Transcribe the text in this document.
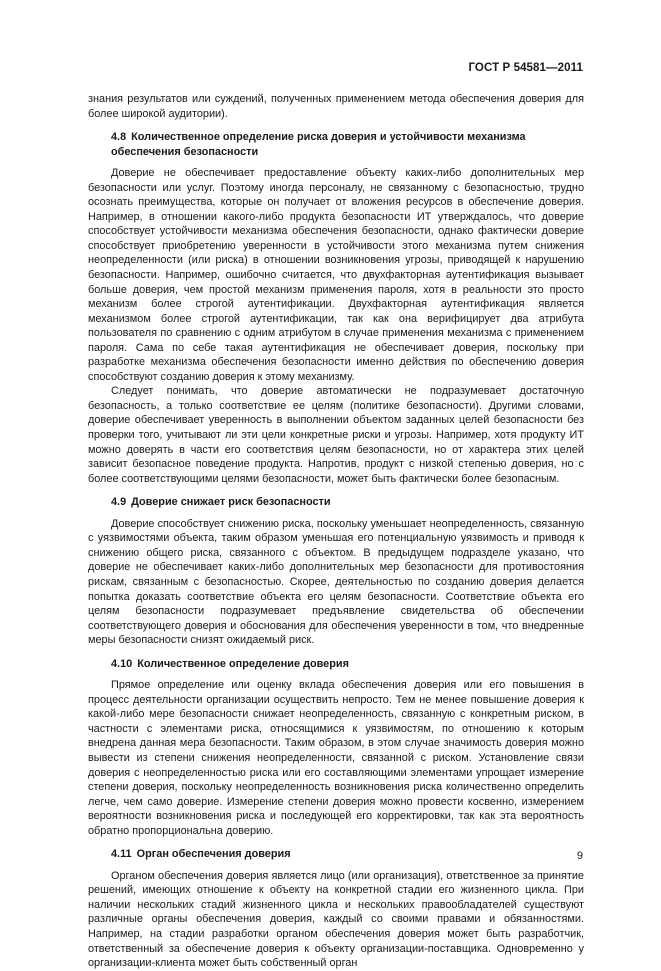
ГОСТ Р 54581—2011

знания результатов или суждений, полученных применением метода обеспечения доверия для более широкой аудитории).

4.8 Количественное определение риска доверия и устойчивости механизма обеспечения безопасности

Доверие не обеспечивает предоставление объекту каких-либо дополнительных мер безопасности или услуг. Поэтому иногда персоналу, не связанному с безопасностью, трудно осознать преимущества, которые он получает от вложения ресурсов в обеспечение доверия. Например, в отношении какого-либо продукта безопасности ИТ утверждалось, что доверие способствует устойчивости механизма обеспечения безопасности, однако фактически доверие способствует приобретению уверенности в устойчивости этого механизма путем снижения неопределенности (или риска) в отношении возникновения угрозы, приводящей к нарушению безопасности. Например, ошибочно считается, что двухфакторная аутентификация вызывает больше доверия, чем простой механизм применения пароля, хотя в реальности это просто механизм более строгой аутентификации. Двухфакторная аутентификация является механизмом более строгой аутентификации, так как она верифицирует два атрибута пользователя по сравнению с одним атрибутом в случае применения механизма с применением пароля. Сама по себе такая аутентификация не обеспечивает доверия, поскольку при разработке механизма обеспечения безопасности именно действия по обеспечению доверия способствуют созданию доверия к этому механизму.

Следует понимать, что доверие автоматически не подразумевает достаточную безопасность, а только соответствие ее целям (политике безопасности). Другими словами, доверие обеспечивает уверенность в выполнении объектом заданных целей безопасности без проверки того, учитывают ли эти цели конкретные риски и угрозы. Например, хотя продукту ИТ можно доверять в части его соответствия целям безопасности, но от характера этих целей зависит безопасное поведение продукта. Напротив, продукт с низкой степенью доверия, но с более соответствующими целями безопасности, может быть фактически более безопасным.

4.9 Доверие снижает риск безопасности

Доверие способствует снижению риска, поскольку уменьшает неопределенность, связанную с уязвимостями объекта, таким образом уменьшая его потенциальную уязвимость и приводя к снижению общего риска, связанного с объектом. В предыдущем подразделе указано, что доверие не обеспечивает каких-либо дополнительных мер безопасности для противостояния рискам, связанным с безопасностью. Скорее, деятельностью по созданию доверия делается попытка доказать соответствие объекта его целям безопасности. Соответствие объекта его целям безопасности подразумевает предъявление свидетельства об обеспечении соответствующего доверия и обоснования для обеспечения уверенности в том, что внедренные меры безопасности снизят ожидаемый риск.

4.10 Количественное определение доверия

Прямое определение или оценку вклада обеспечения доверия или его повышения в процесс деятельности организации осуществить непросто. Тем не менее повышение доверия к какой-либо мере безопасности снижает неопределенность, связанную с конкретным риском, в частности с элементами риска, относящимися к уязвимостям, по отношению к которым внедрена данная мера безопасности. Таким образом, в этом случае значимость доверия можно вывести из степени снижения неопределенности, связанной с риском. Установление связи доверия с неопределенностью риска или его составляющими элементами упрощает измерение степени доверия, поскольку неопределенность возникновения риска количественно определить легче, чем само доверие. Измерение степени доверия можно провести косвенно, измерением вероятности возникновения риска и последующей его корректировки, так как эта вероятность обратно пропорциональна доверию.

4.11 Орган обеспечения доверия

Органом обеспечения доверия является лицо (или организация), ответственное за принятие решений, имеющих отношение к объекту на конкретной стадии его жизненного цикла. При наличии нескольких стадий жизненного цикла и нескольких правообладателей существуют различные органы обеспечения доверия, каждый со своими правами и обязанностями. Например, на стадии разработки органом обеспечения доверия может быть разработчик, ответственный за обеспечение доверия к объекту организации-поставщика. Одновременно у организации-клиента может быть собственный орган

9
